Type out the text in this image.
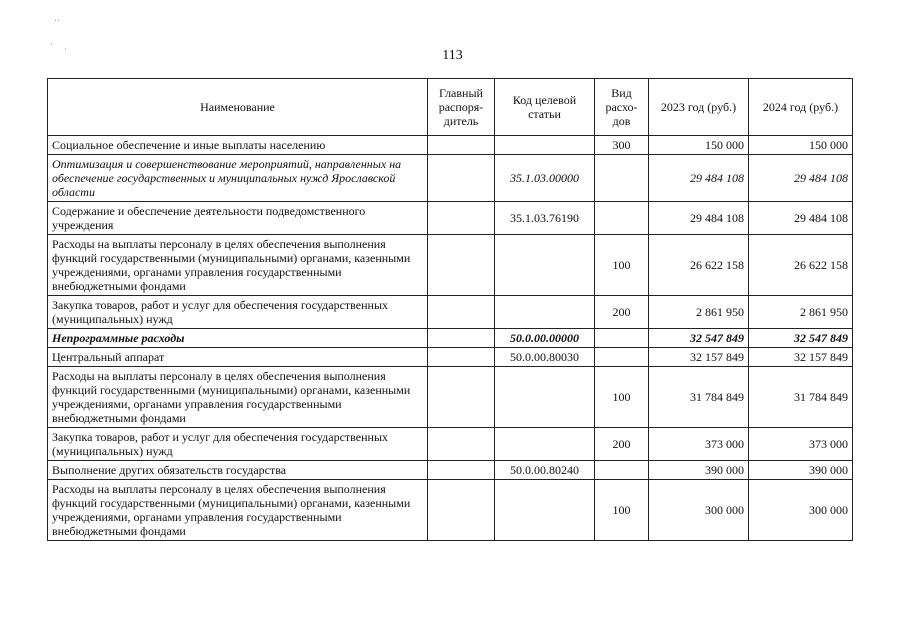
‥
· ·	113
Наименование	Главный распоря-дитель	Код целевой статьи	Вид расхо-дов	2023 год (руб.)	2024 год (руб.)
Социальное обеспечение и иные выплаты населению			300	150 000	150 000
Оптимизация и совершенствование мероприятий, направленных на обеспечение государственных и муниципальных нужд Ярославской области		35.1.03.00000		29 484 108	29 484 108
Содержание и обеспечение деятельности подведомственного учреждения		35.1.03.76190		29 484 108	29 484 108
Расходы на выплаты персоналу в целях обеспечения выполнения функций государственными (муниципальными) органами, казенными учреждениями, органами управления государственными внебюджетными фондами			100	26 622 158	26 622 158
Закупка товаров, работ и услуг для обеспечения государственных (муниципальных) нужд			200	2 861 950	2 861 950
Непрограммные расходы		50.0.00.00000		32 547 849	32 547 849
Центральный аппарат		50.0.00.80030		32 157 849	32 157 849
Расходы на выплаты персоналу в целях обеспечения выполнения функций государственными (муниципальными) органами, казенными учреждениями, органами управления государственными внебюджетными фондами			100	31 784 849	31 784 849
Закупка товаров, работ и услуг для обеспечения государственных (муниципальных) нужд			200	373 000	373 000
Выполнение других обязательств государства		50.0.00.80240		390 000	390 000
Расходы на выплаты персоналу в целях обеспечения выполнения функций государственными (муниципальными) органами, казенными учреждениями, органами управления государственными внебюджетными фондами			100	300 000	300 000
